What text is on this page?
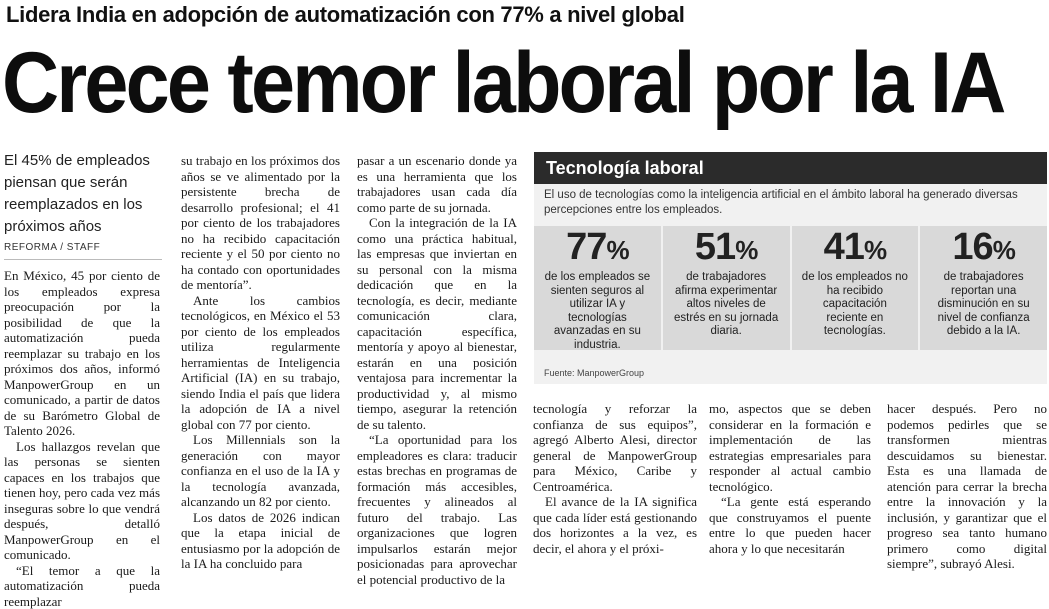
Lidera India en adopción de automatización con 77% a nivel global
Crece temor laboral por la IA
El 45% de empleados piensan que serán reemplazados en los próximos años
REFORMA / STAFF

En México, 45 por ciento de los empleados expresa preocupación por la posibilidad de que la automatización pueda reemplazar su trabajo en los próximos dos años, informó ManpowerGroup en un comunicado, a partir de datos de su Barómetro Global de Talento 2026.

Los hallazgos revelan que las personas se sienten capaces en los trabajos que tienen hoy, pero cada vez más inseguras sobre lo que vendrá después, detalló ManpowerGroup en el comunicado.

“El temor a que la automatización pueda reemplazar

su trabajo en los próximos dos años se ve alimentado por la persistente brecha de desarrollo profesional; el 41 por ciento de los trabajadores no ha recibido capacitación reciente y el 50 por ciento no ha contado con oportunidades de mentoría”.

Ante los cambios tecnológicos, en México el 53 por ciento de los empleados utiliza regularmente herramientas de Inteligencia Artificial (IA) en su trabajo, siendo India el país que lidera la adopción de IA a nivel global con 77 por ciento.

Los Millennials son la generación con mayor confianza en el uso de la IA y la tecnología avanzada, alcanzando un 82 por ciento.

Los datos de 2026 indican que la etapa inicial de entusiasmo por la adopción de la IA ha concluido para

pasar a un escenario donde ya es una herramienta que los trabajadores usan cada día como parte de su jornada.

Con la integración de la IA como una práctica habitual, las empresas que inviertan en su personal con la misma dedicación que en la tecnología, es decir, mediante comunicación clara, capacitación específica, mentoría y apoyo al bienestar, estarán en una posición ventajosa para incrementar la productividad y, al mismo tiempo, asegurar la retención de su talento.

“La oportunidad para los empleadores es clara: traducir estas brechas en programas de formación más accesibles, frecuentes y alineados al futuro del trabajo. Las organizaciones que logren impulsarlos estarán mejor posicionadas para aprovechar el potencial productivo de la

Tecnología laboral
El uso de tecnologías como la inteligencia artificial en el ámbito laboral ha generado diversas percepciones entre los empleados.
77%
de los empleados se sienten seguros al utilizar IA y tecnologías avanzadas en su industria.
51%
de trabajadores afirma experimentar altos niveles de estrés en su jornada diaria.
41%
de los empleados no ha recibido capacitación reciente en tecnologías.
16%
de trabajadores reportan una disminución en su nivel de confianza debido a la IA.
Fuente: ManpowerGroup

tecnología y reforzar la confianza de sus equipos”, agregó Alberto Alesi, director general de ManpowerGroup para México, Caribe y Centroamérica.

El avance de la IA significa que cada líder está gestionando dos horizontes a la vez, es decir, el ahora y el próxi-

mo, aspectos que se deben considerar en la formación e implementación de las estrategias empresariales para responder al actual cambio tecnológico.

“La gente está esperando que construyamos el puente entre lo que pueden hacer ahora y lo que necesitarán

hacer después. Pero no podemos pedirles que se transformen mientras descuidamos su bienestar. Esta es una llamada de atención para cerrar la brecha entre la innovación y la inclusión, y garantizar que el progreso sea tanto humano primero como digital siempre”, subrayó Alesi.
